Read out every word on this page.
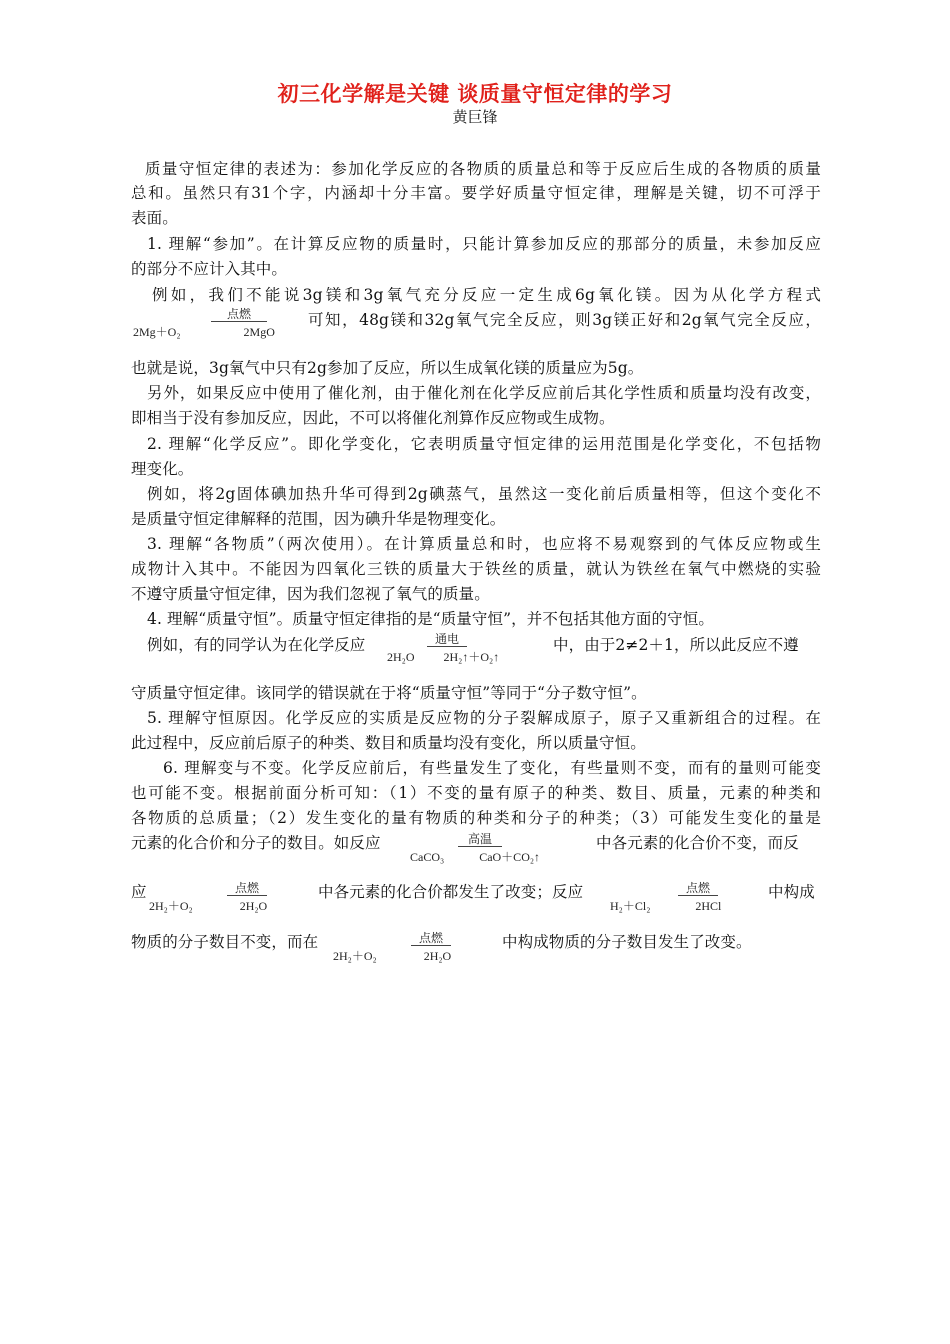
初三化学解是关键 谈质量守恒定律的学习
黄巨锋
质量守恒定律的表述为：参加化学反应的各物质的质量总和等于反应后生成的各物质的质量
总和。虽然只有31个字，内涵却十分丰富。要学好质量守恒定律，理解是关键，切不可浮于
表面。
1. 理解“参加”。在计算反应物的质量时，只能计算参加反应的那部分的质量，未参加反应
的部分不应计入其中。
例如，我们不能说3g镁和3g氧气充分反应一定生成6g氧化镁。因为从化学方程式
2Mg＋O₂
点燃
2MgO
可知，48g镁和32g氧气完全反应，则3g镁正好和2g氧气完全反应，
也就是说，3g氧气中只有2g参加了反应，所以生成氧化镁的质量应为5g。
另外，如果反应中使用了催化剂，由于催化剂在化学反应前后其化学性质和质量均没有改变，
即相当于没有参加反应，因此，不可以将催化剂算作反应物或生成物。
2. 理解“化学反应”。即化学变化，它表明质量守恒定律的运用范围是化学变化，不包括物
理变化。
例如，将2g固体碘加热升华可得到2g碘蒸气，虽然这一变化前后质量相等，但这个变化不
是质量守恒定律解释的范围，因为碘升华是物理变化。
3. 理解“各物质”（两次使用）。在计算质量总和时，也应将不易观察到的气体反应物或生
成物计入其中。不能因为四氧化三铁的质量大于铁丝的质量，就认为铁丝在氧气中燃烧的实验
不遵守质量守恒定律，因为我们忽视了氧气的质量。
4. 理解“质量守恒”。质量守恒定律指的是“质量守恒”，并不包括其他方面的守恒。
例如，有的同学认为在化学反应
2H₂O
通电
2H₂↑＋O₂↑
中，由于2≠2＋1，所以此反应不遵
守质量守恒定律。该同学的错误就在于将“质量守恒”等同于“分子数守恒”。
5. 理解守恒原因。化学反应的实质是反应物的分子裂解成原子，原子又重新组合的过程。在
此过程中，反应前后原子的种类、数目和质量均没有变化，所以质量守恒。
6. 理解变与不变。化学反应前后，有些量发生了变化，有些量则不变，而有的量则可能变
也可能不变。根据前面分析可知：（1）不变的量有原子的种类、数目、质量，元素的种类和
各物质的总质量；（2）发生变化的量有物质的种类和分子的种类；（3）可能发生变化的量是
元素的化合价和分子的数目。如反应
CaCO₃
高温
CaO＋CO₂↑
中各元素的化合价不变，而反
应
2H₂＋O₂
点燃
2H₂O
中各元素的化合价都发生了改变；反应
H₂＋Cl₂
点燃
2HCl
中构成
物质的分子数目不变，而在
2H₂＋O₂
点燃
2H₂O
中构成物质的分子数目发生了改变。
